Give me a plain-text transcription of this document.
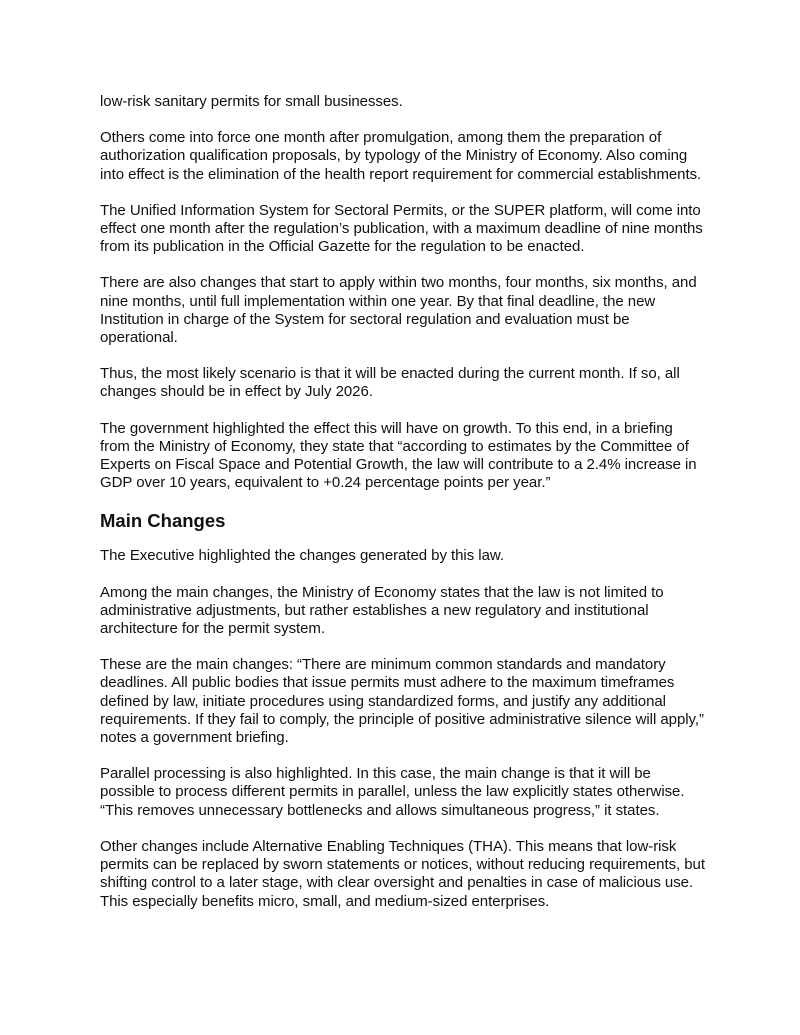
low-risk sanitary permits for small businesses.

Others come into force one month after promulgation, among them the preparation of authorization qualification proposals, by typology of the Ministry of Economy. Also coming into effect is the elimination of the health report requirement for commercial establishments.

The Unified Information System for Sectoral Permits, or the SUPER platform, will come into effect one month after the regulation’s publication, with a maximum deadline of nine months from its publication in the Official Gazette for the regulation to be enacted.

There are also changes that start to apply within two months, four months, six months, and nine months, until full implementation within one year. By that final deadline, the new Institution in charge of the System for sectoral regulation and evaluation must be operational.

Thus, the most likely scenario is that it will be enacted during the current month. If so, all changes should be in effect by July 2026.

The government highlighted the effect this will have on growth. To this end, in a briefing from the Ministry of Economy, they state that “according to estimates by the Committee of Experts on Fiscal Space and Potential Growth, the law will contribute to a 2.4% increase in GDP over 10 years, equivalent to +0.24 percentage points per year.”

Main Changes

The Executive highlighted the changes generated by this law.

Among the main changes, the Ministry of Economy states that the law is not limited to administrative adjustments, but rather establishes a new regulatory and institutional architecture for the permit system.

These are the main changes: “There are minimum common standards and mandatory deadlines. All public bodies that issue permits must adhere to the maximum timeframes defined by law, initiate procedures using standardized forms, and justify any additional requirements. If they fail to comply, the principle of positive administrative silence will apply,” notes a government briefing.

Parallel processing is also highlighted. In this case, the main change is that it will be possible to process different permits in parallel, unless the law explicitly states otherwise. “This removes unnecessary bottlenecks and allows simultaneous progress,” it states.

Other changes include Alternative Enabling Techniques (THA). This means that low-risk permits can be replaced by sworn statements or notices, without reducing requirements, but shifting control to a later stage, with clear oversight and penalties in case of malicious use. This especially benefits micro, small, and medium-sized enterprises.
